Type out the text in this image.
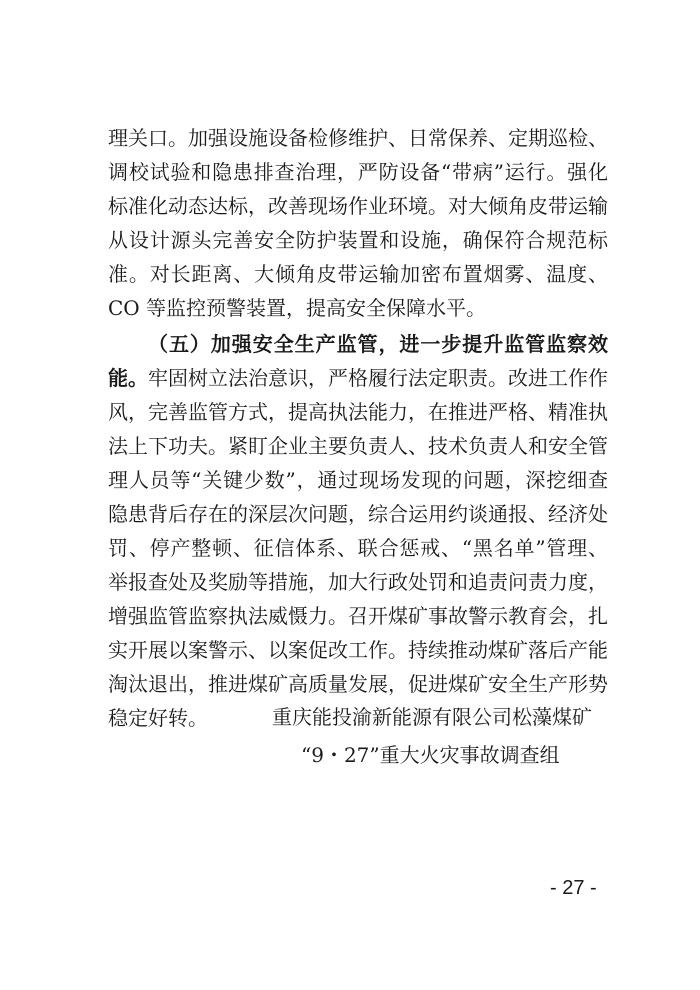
理关口。加强设施设备检修维护、日常保养、定期巡检、调校试验和隐患排查治理，严防设备“带病”运行。强化标准化动态达标，改善现场作业环境。对大倾角皮带运输从设计源头完善安全防护装置和设施，确保符合规范标准。对长距离、大倾角皮带运输加密布置烟雾、温度、CO 等监控预警装置，提高安全保障水平。

（五）加强安全生产监管，进一步提升监管监察效能。牢固树立法治意识，严格履行法定职责。改进工作作风，完善监管方式，提高执法能力，在推进严格、精准执法上下功夫。紧盯企业主要负责人、技术负责人和安全管理人员等“关键少数”，通过现场发现的问题，深挖细查隐患背后存在的深层次问题，综合运用约谈通报、经济处罚、停产整顿、征信体系、联合惩戒、“黑名单”管理、举报查处及奖励等措施，加大行政处罚和追责问责力度，增强监管监察执法威慑力。召开煤矿事故警示教育会，扎实开展以案警示、以案促改工作。持续推动煤矿落后产能淘汰退出，推进煤矿高质量发展，促进煤矿安全生产形势稳定好转。	重庆能投渝新能源有限公司松藻煤矿

“9・27”重大火灾事故调查组

- 27 -
